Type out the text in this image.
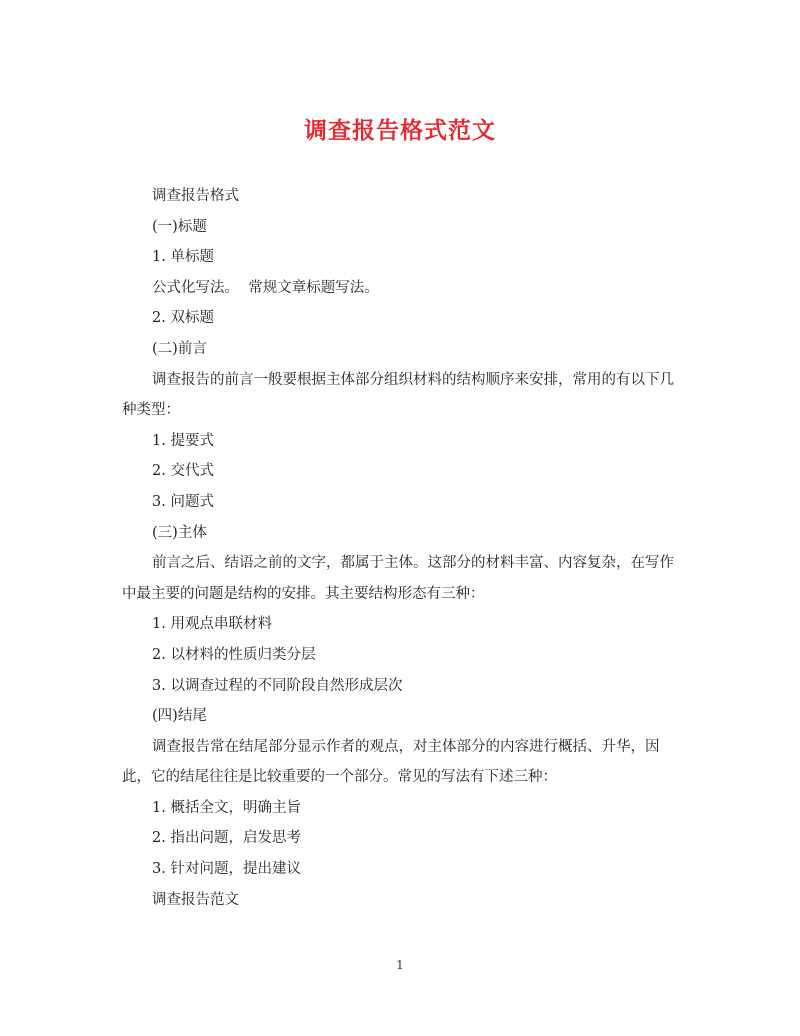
调查报告格式范文

调查报告格式

(一)标题

1. 单标题

公式化写法。  常规文章标题写法。

2. 双标题

(二)前言

调查报告的前言一般要根据主体部分组织材料的结构顺序来安排，常用的有以下几种类型：

1. 提要式

2. 交代式

3. 问题式

(三)主体

前言之后、结语之前的文字，都属于主体。这部分的材料丰富、内容复杂，在写作中最主要的问题是结构的安排。其主要结构形态有三种：

1. 用观点串联材料

2. 以材料的性质归类分层

3. 以调查过程的不同阶段自然形成层次

(四)结尾

调查报告常在结尾部分显示作者的观点，对主体部分的内容进行概括、升华，因此，它的结尾往往是比较重要的一个部分。常见的写法有下述三种：

1. 概括全文，明确主旨

2. 指出问题，启发思考

3. 针对问题，提出建议

调查报告范文

1
